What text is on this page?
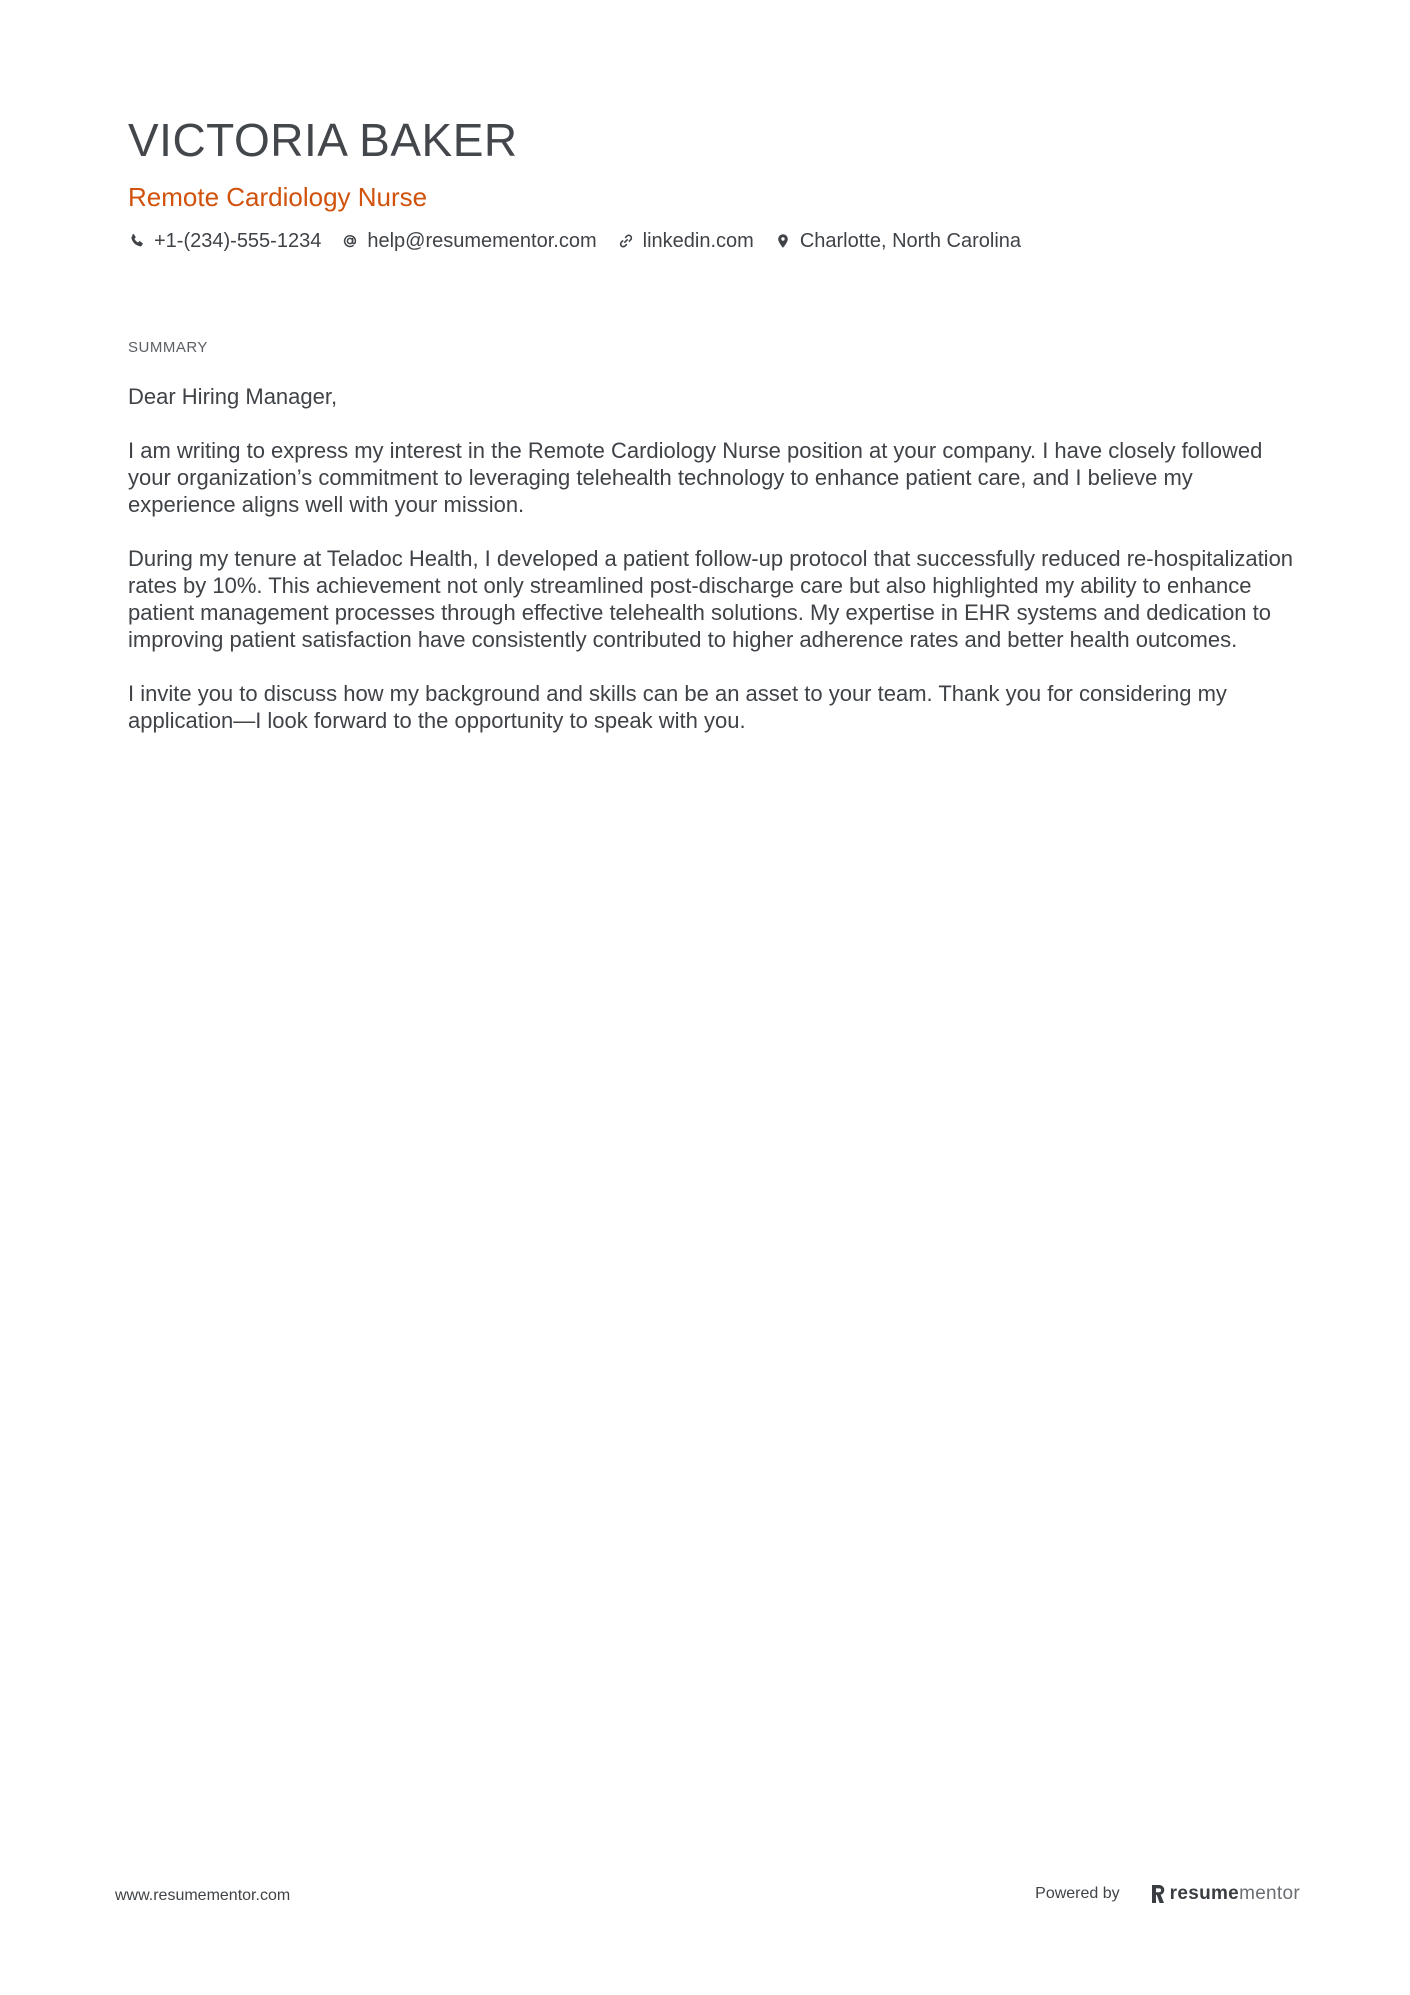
VICTORIA BAKER
Remote Cardiology Nurse
+1-(234)-555-1234 help@resumementor.com linkedin.com Charlotte, North Carolina
SUMMARY

Dear Hiring Manager,

I am writing to express my interest in the Remote Cardiology Nurse position at your company. I have closely followed your organization’s commitment to leveraging telehealth technology to enhance patient care, and I believe my experience aligns well with your mission.

During my tenure at Teladoc Health, I developed a patient follow-up protocol that successfully reduced re-hospitalization rates by 10%. This achievement not only streamlined post-discharge care but also highlighted my ability to enhance patient management processes through effective telehealth solutions. My expertise in EHR systems and dedication to improving patient satisfaction have consistently contributed to higher adherence rates and better health outcomes.

I invite you to discuss how my background and skills can be an asset to your team. Thank you for considering my application—I look forward to the opportunity to speak with you.

www.resumementor.com	Powered by	resume mentor
